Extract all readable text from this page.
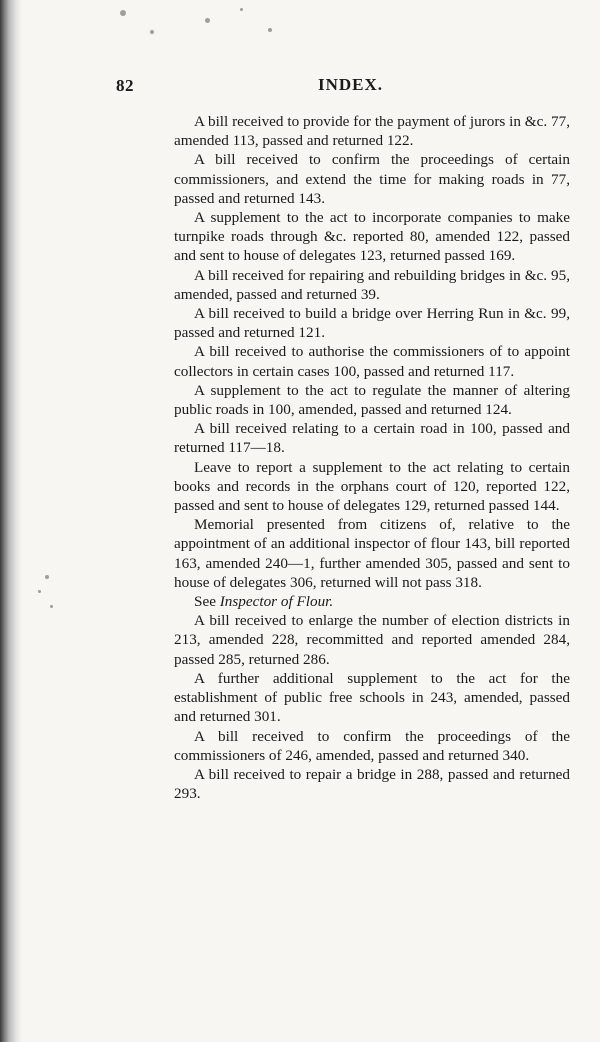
82	INDEX.

A bill received to provide for the payment of jurors in &c. 77, amended 113, passed and returned 122.

A bill received to confirm the proceedings of certain commissioners, and extend the time for making roads in 77, passed and returned 143.

A supplement to the act to incorporate companies to make turnpike roads through &c. reported 80, amended 122, passed and sent to house of delegates 123, returned passed 169.

A bill received for repairing and rebuilding bridges in &c. 95, amended, passed and returned 39.

A bill received to build a bridge over Herring Run in &c. 99, passed and returned 121.

A bill received to authorise the commissioners of to appoint collectors in certain cases 100, passed and returned 117.

A supplement to the act to regulate the manner of altering public roads in 100, amended, passed and returned 124.

A bill received relating to a certain road in 100, passed and returned 117—18.

Leave to report a supplement to the act relating to certain books and records in the orphans court of 120, reported 122, passed and sent to house of delegates 129, returned passed 144.

Memorial presented from citizens of, relative to the appointment of an additional inspector of flour 143, bill reported 163, amended 240—1, further amended 305, passed and sent to house of delegates 306, returned will not pass 318.

See Inspector of Flour.

A bill received to enlarge the number of election districts in 213, amended 228, recommitted and reported amended 284, passed 285, returned 286.

A further additional supplement to the act for the establishment of public free schools in 243, amended, passed and returned 301.

A bill received to confirm the proceedings of the commissioners of 246, amended, passed and returned 340.

A bill received to repair a bridge in 288, passed and returned 293.
